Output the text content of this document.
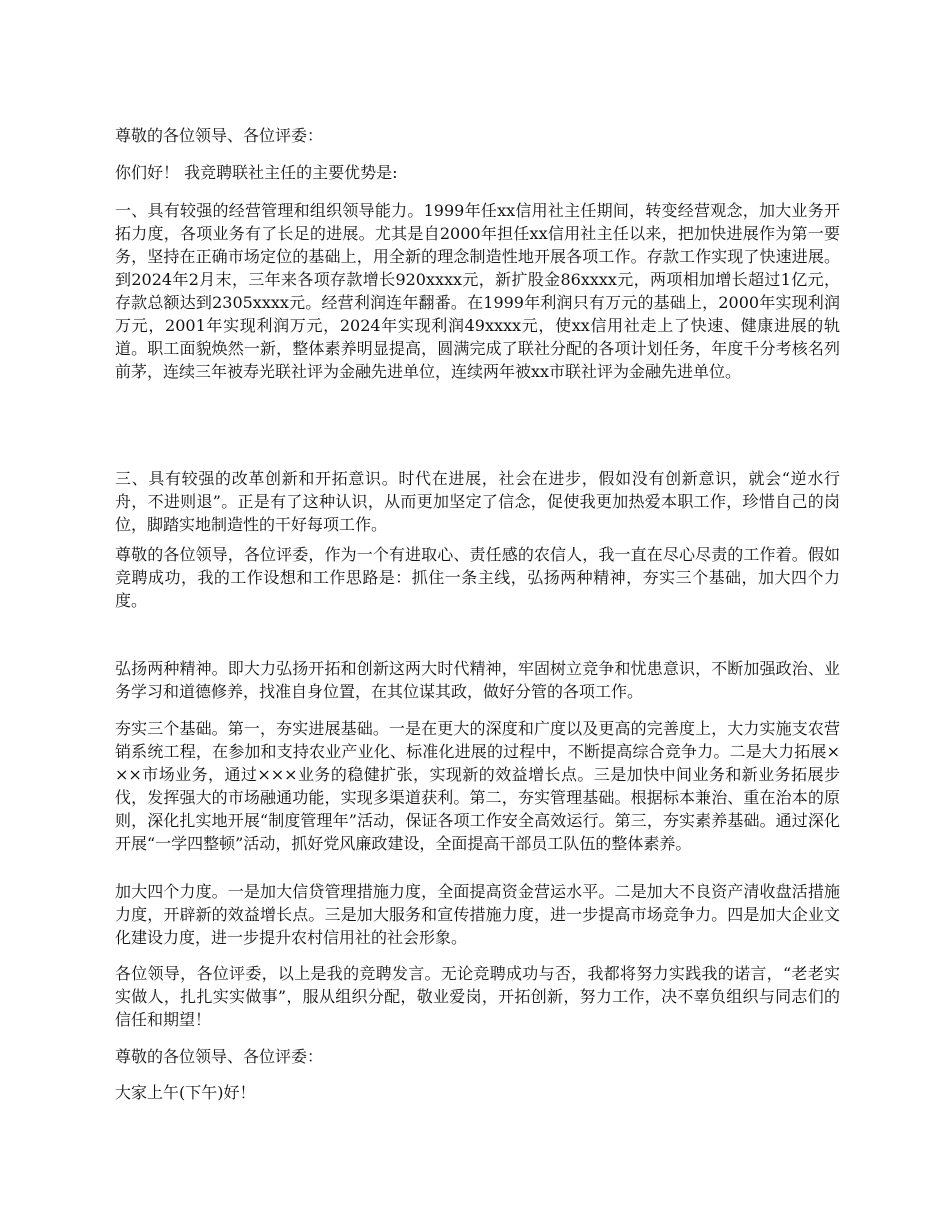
尊敬的各位领导、各位评委：

你们好！ 我竞聘联社主任的主要优势是:

一、具有较强的经营管理和组织领导能力。1999年任xx信用社主任期间，转变经营观念，加大业务开拓力度，各项业务有了长足的进展。尤其是自2000年担任xx信用社主任以来，把加快进展作为第一要务，坚持在正确市场定位的基础上，用全新的理念制造性地开展各项工作。存款工作实现了快速进展。到2024年2月末，三年来各项存款增长920xxxx元，新扩股金86xxxx元，两项相加增长超过1亿元，存款总额达到2305xxxx元。经营利润连年翻番。在1999年利润只有万元的基础上，2000年实现利润万元，2001年实现利润万元，2024年实现利润49xxxx元，使xx信用社走上了快速、健康进展的轨道。职工面貌焕然一新，整体素养明显提高，圆满完成了联社分配的各项计划任务，年度千分考核名列前茅，连续三年被寿光联社评为金融先进单位，连续两年被xx市联社评为金融先进单位。

三、具有较强的改革创新和开拓意识。时代在进展，社会在进步，假如没有创新意识，就会“逆水行舟，不进则退”。正是有了这种认识，从而更加坚定了信念，促使我更加热爱本职工作，珍惜自己的岗位，脚踏实地制造性的干好每项工作。

尊敬的各位领导，各位评委，作为一个有进取心、责任感的农信人，我一直在尽心尽责的工作着。假如竞聘成功，我的工作设想和工作思路是：抓住一条主线，弘扬两种精神，夯实三个基础，加大四个力度。

弘扬两种精神。即大力弘扬开拓和创新这两大时代精神，牢固树立竞争和忧患意识，不断加强政治、业务学习和道德修养，找准自身位置，在其位谋其政，做好分管的各项工作。

夯实三个基础。第一，夯实进展基础。一是在更大的深度和广度以及更高的完善度上，大力实施支农营销系统工程，在参加和支持农业产业化、标准化进展的过程中，不断提高综合竞争力。二是大力拓展×××市场业务，通过×××业务的稳健扩张，实现新的效益增长点。三是加快中间业务和新业务拓展步伐，发挥强大的市场融通功能，实现多渠道获利。第二，夯实管理基础。根据标本兼治、重在治本的原则，深化扎实地开展“制度管理年”活动，保证各项工作安全高效运行。第三，夯实素养基础。通过深化开展“一学四整顿”活动，抓好党风廉政建设，全面提高干部员工队伍的整体素养。

加大四个力度。一是加大信贷管理措施力度，全面提高资金营运水平。二是加大不良资产清收盘活措施力度，开辟新的效益增长点。三是加大服务和宣传措施力度，进一步提高市场竞争力。四是加大企业文化建设力度，进一步提升农村信用社的社会形象。

各位领导，各位评委，以上是我的竞聘发言。无论竞聘成功与否，我都将努力实践我的诺言，“老老实实做人，扎扎实实做事”，服从组织分配，敬业爱岗，开拓创新，努力工作，决不辜负组织与同志们的信任和期望！

尊敬的各位领导、各位评委：

大家上午(下午)好！
